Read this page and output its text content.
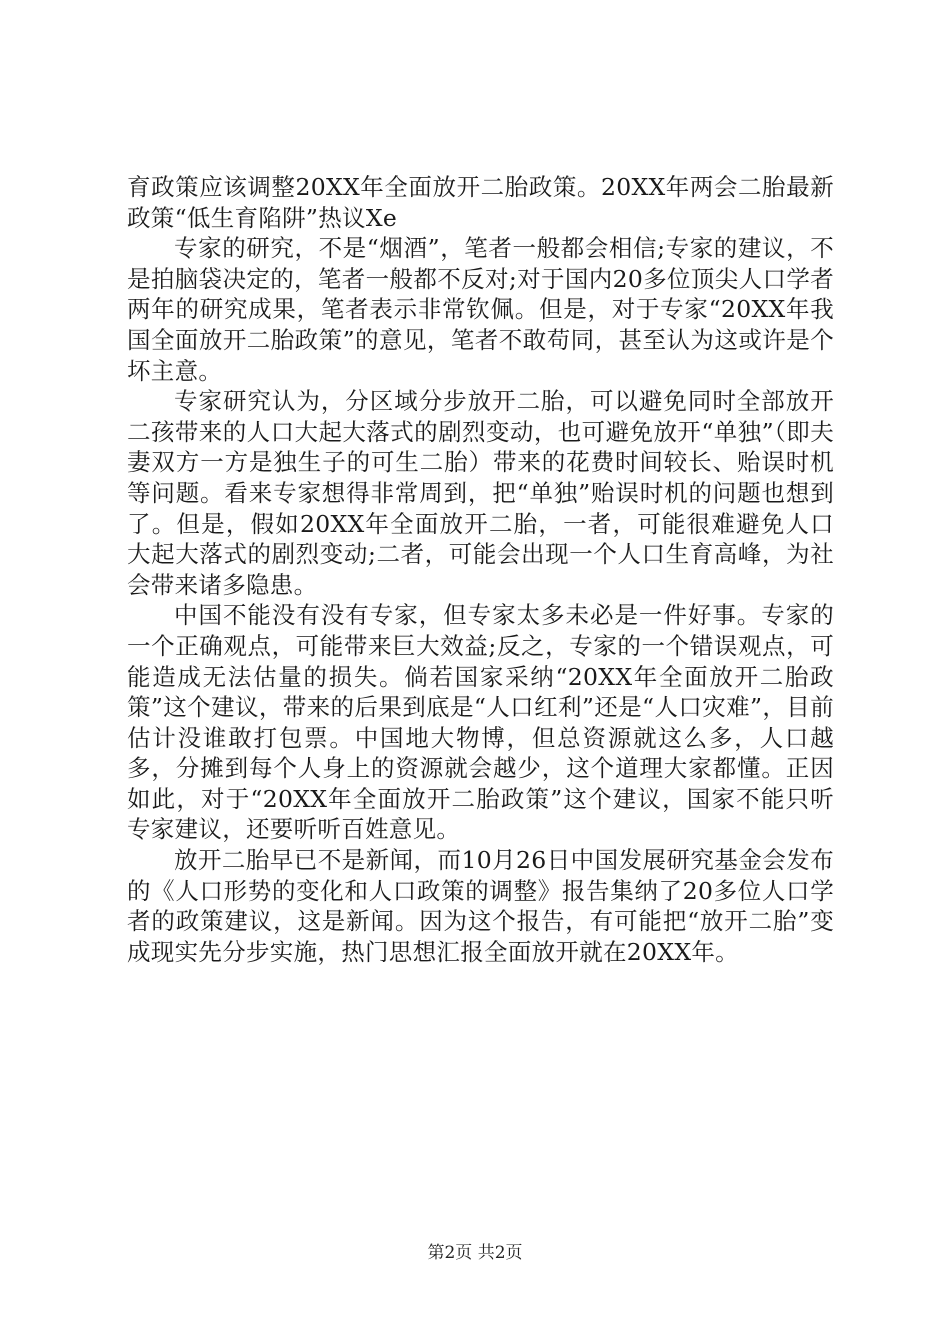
育政策应该调整20XX年全面放开二胎政策。20XX年两会二胎最新政策“低生育陷阱”热议Xe

专家的研究，不是“烟酒”，笔者一般都会相信;专家的建议，不是拍脑袋决定的，笔者一般都不反对;对于国内20多位顶尖人口学者两年的研究成果，笔者表示非常钦佩。但是，对于专家“20XX年我国全面放开二胎政策”的意见，笔者不敢苟同，甚至认为这或许是个坏主意。

专家研究认为，分区域分步放开二胎，可以避免同时全部放开二孩带来的人口大起大落式的剧烈变动，也可避免放开“单独”（即夫妻双方一方是独生子的可生二胎）带来的花费时间较长、贻误时机等问题。看来专家想得非常周到，把“单独”贻误时机的问题也想到了。但是，假如20XX年全面放开二胎，一者，可能很难避免人口大起大落式的剧烈变动;二者，可能会出现一个人口生育高峰，为社会带来诸多隐患。

中国不能没有没有专家，但专家太多未必是一件好事。专家的一个正确观点，可能带来巨大效益;反之，专家的一个错误观点，可能造成无法估量的损失。倘若国家采纳“20XX年全面放开二胎政策”这个建议，带来的后果到底是“人口红利”还是“人口灾难”，目前估计没谁敢打包票。中国地大物博，但总资源就这么多，人口越多，分摊到每个人身上的资源就会越少，这个道理大家都懂。正因如此，对于“20XX年全面放开二胎政策”这个建议，国家不能只听专家建议，还要听听百姓意见。

放开二胎早已不是新闻，而10月26日中国发展研究基金会发布的《人口形势的变化和人口政策的调整》报告集纳了20多位人口学者的政策建议，这是新闻。因为这个报告，有可能把“放开二胎”变成现实先分步实施，热门思想汇报全面放开就在20XX年。

第2页 共2页
